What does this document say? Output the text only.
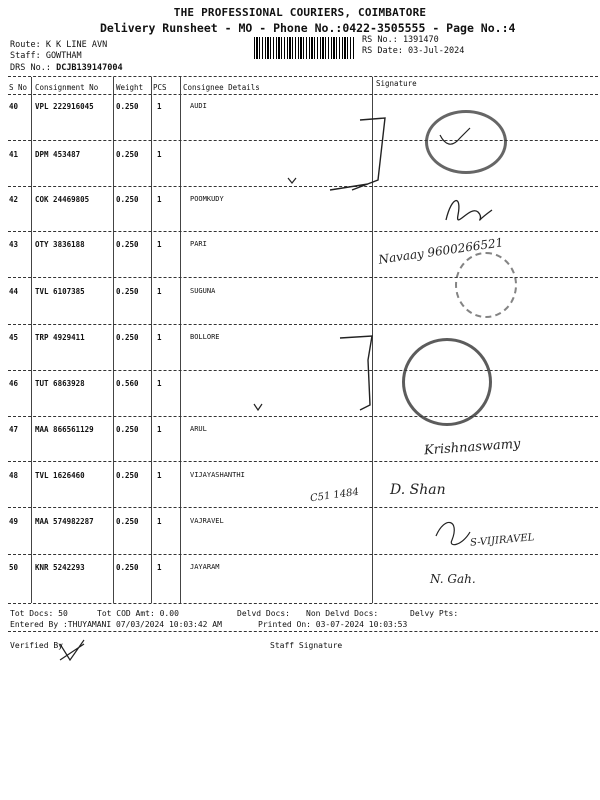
THE PROFESSIONAL COURIERS, COIMBATORE
Delivery Runsheet - MO - Phone No.:0422-3505555 - Page No.:4
Route: K K LINE AVN
Staff: GOWTHAM
DRS No.: DCJB139147004
RS No.: 1391470
RS Date: 03-Jul-2024
S No Consignment No Weight PCS Consignee Details	Signature
40 VPL 222916045	0.250 1	AUDI
41 DPM 453487	0.250 1
42 COK 24469805	0.250 1	POOMKUDY
43 OTY 3836188	0.250 1	PARI
44 TVL 6107385	0.250 1	SUGUNA
45 TRP 4929411	0.250 1	BOLLORE
46 TUT 6863928	0.560 1
47 MAA 866561129	0.250 1	ARUL
48 TVL 1626460	0.250 1	VIJAYASHANTHI
49 MAA 574982287	0.250 1	VAJRAVEL
50 KNR 5242293	0.250 1	JAYARAM
Navaay 9600266521
Krishnaswamy
C51 1484 D. Shan
S-VIJIRAVEL
N. Gah.
Tot Docs: 50	Tot COD Amt: 0.00	Delvd Docs: Non Delvd Docs:	Delvy Pts:
Entered By :THUYAMANI 07/03/2024 10:03:42 AM	Printed On: 03-07-2024 10:03:53
Verified By	Staff Signature
